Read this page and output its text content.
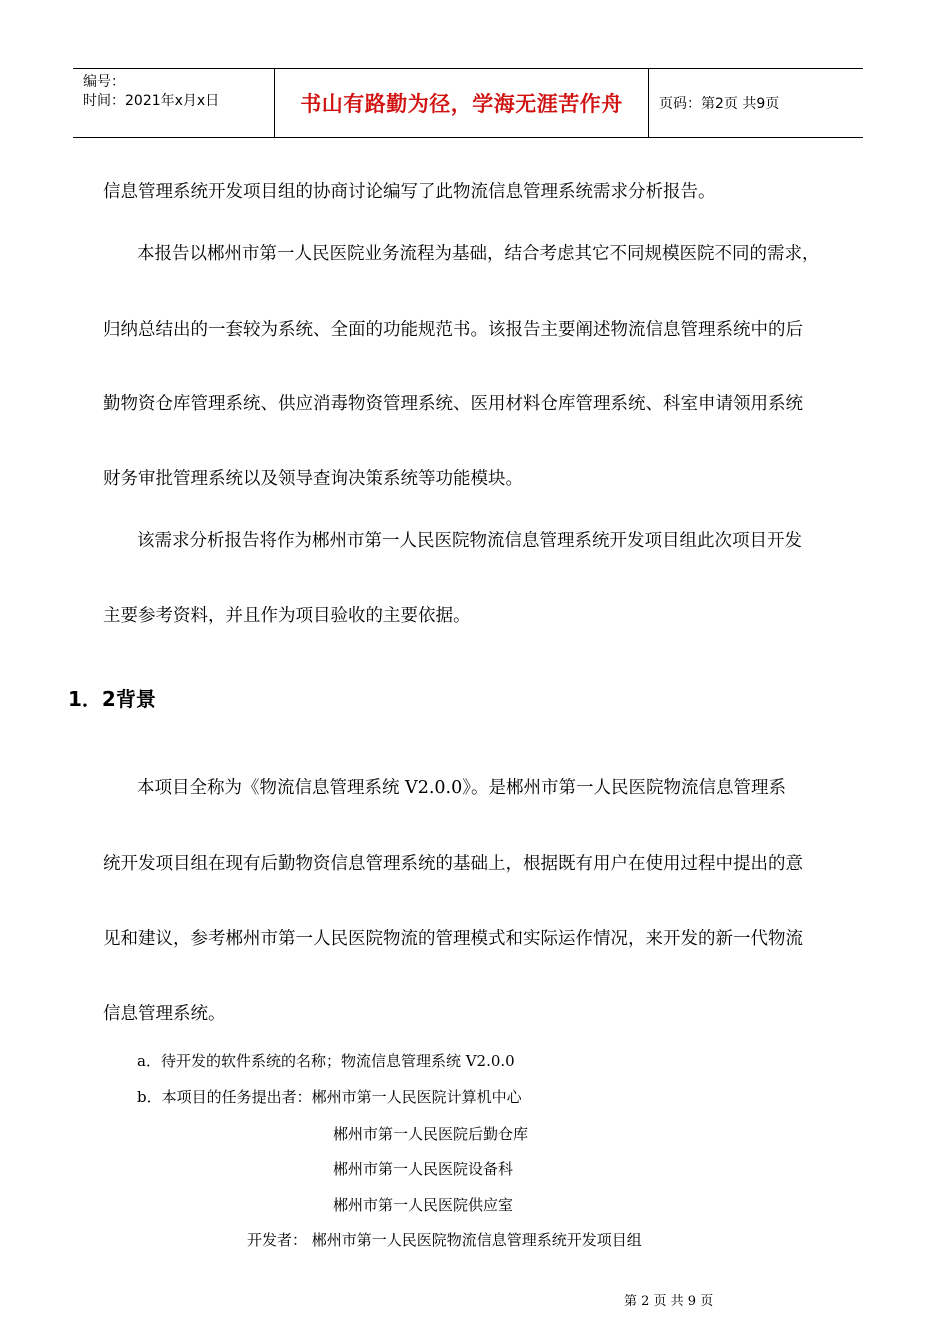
编号：
时间：2021年x月x日	书山有路勤为径，学海无涯苦作舟	页码：第2页 共9页
信息管理系统开发项目组的协商讨论编写了此物流信息管理系统需求分析报告。
本报告以郴州市第一人民医院业务流程为基础，结合考虑其它不同规模医院不同的需求，
归纳总结出的一套较为系统、全面的功能规范书。该报告主要阐述物流信息管理系统中的后
勤物资仓库管理系统、供应消毒物资管理系统、医用材料仓库管理系统、科室申请领用系统
财务审批管理系统以及领导查询决策系统等功能模块。
该需求分析报告将作为郴州市第一人民医院物流信息管理系统开发项目组此次项目开发
主要参考资料，并且作为项目验收的主要依据。
1．2背景
本项目全称为《物流信息管理系统 V2.0.0》。是郴州市第一人民医院物流信息管理系
统开发项目组在现有后勤物资信息管理系统的基础上，根据既有用户在使用过程中提出的意
见和建议，参考郴州市第一人民医院物流的管理模式和实际运作情况，来开发的新一代物流
信息管理系统。
a．待开发的软件系统的名称；物流信息管理系统 V2.0.0
b．本项目的任务提出者：郴州市第一人民医院计算机中心
郴州市第一人民医院后勤仓库
郴州市第一人民医院设备科
郴州市第一人民医院供应室
开发者： 郴州市第一人民医院物流信息管理系统开发项目组
第 2 页 共 9 页
